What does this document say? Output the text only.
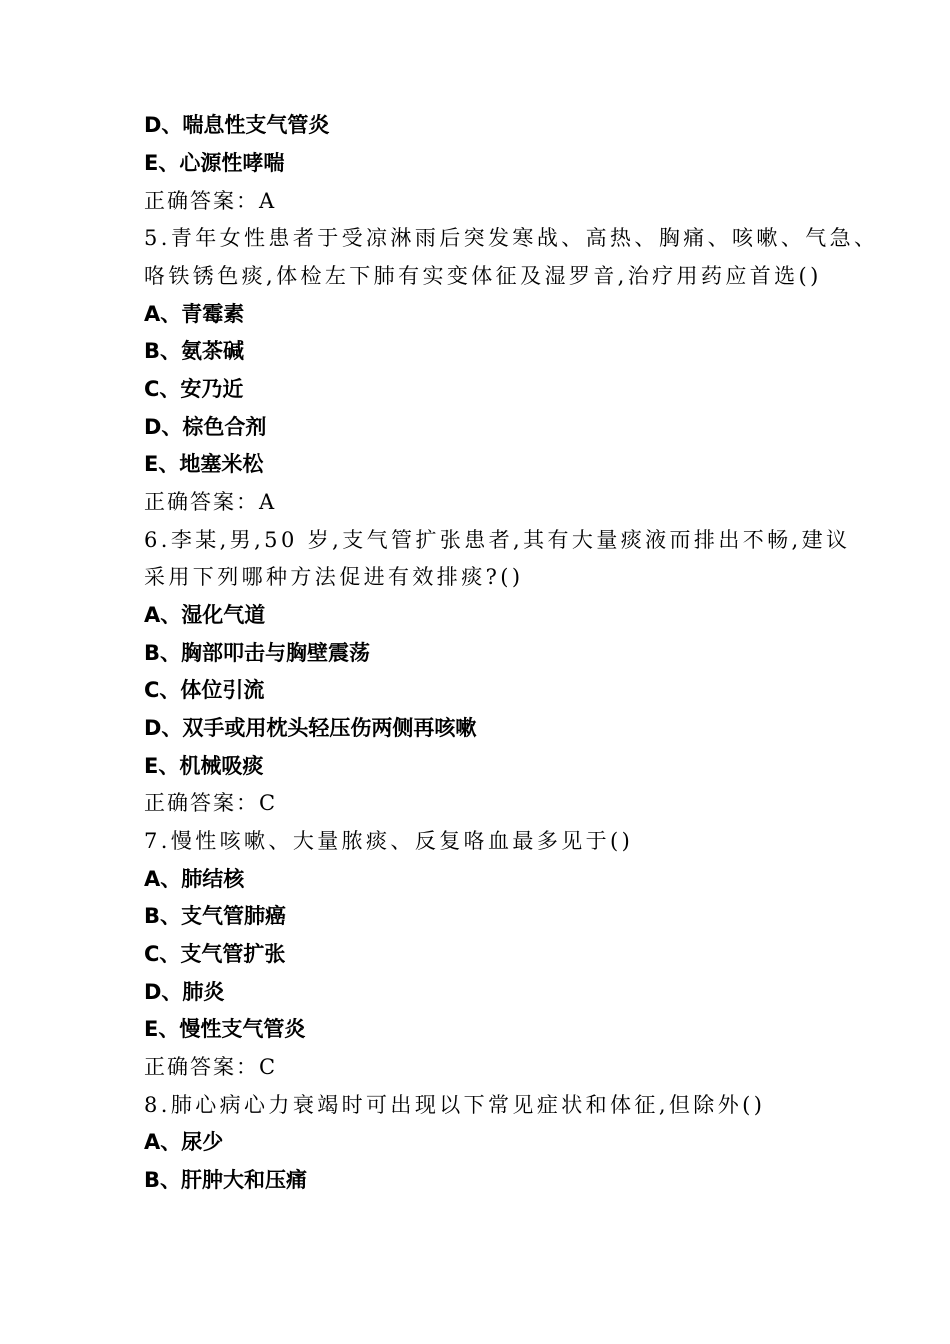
D、喘息性支气管炎
E、心源性哮喘
正确答案：A
5.青年女性患者于受凉淋雨后突发寒战、高热、胸痛、咳嗽、气急、
咯铁锈色痰,体检左下肺有实变体征及湿罗音,治疗用药应首选()
A、青霉素
B、氨茶碱
C、安乃近
D、棕色合剂
E、地塞米松
正确答案：A
6.李某,男,50 岁,支气管扩张患者,其有大量痰液而排出不畅,建议
采用下列哪种方法促进有效排痰?()
A、湿化气道
B、胸部叩击与胸壁震荡
C、体位引流
D、双手或用枕头轻压伤两侧再咳嗽
E、机械吸痰
正确答案：C
7.慢性咳嗽、大量脓痰、反复咯血最多见于()
A、肺结核
B、支气管肺癌
C、支气管扩张
D、肺炎
E、慢性支气管炎
正确答案：C
8.肺心病心力衰竭时可出现以下常见症状和体征,但除外()
A、尿少
B、肝肿大和压痛
